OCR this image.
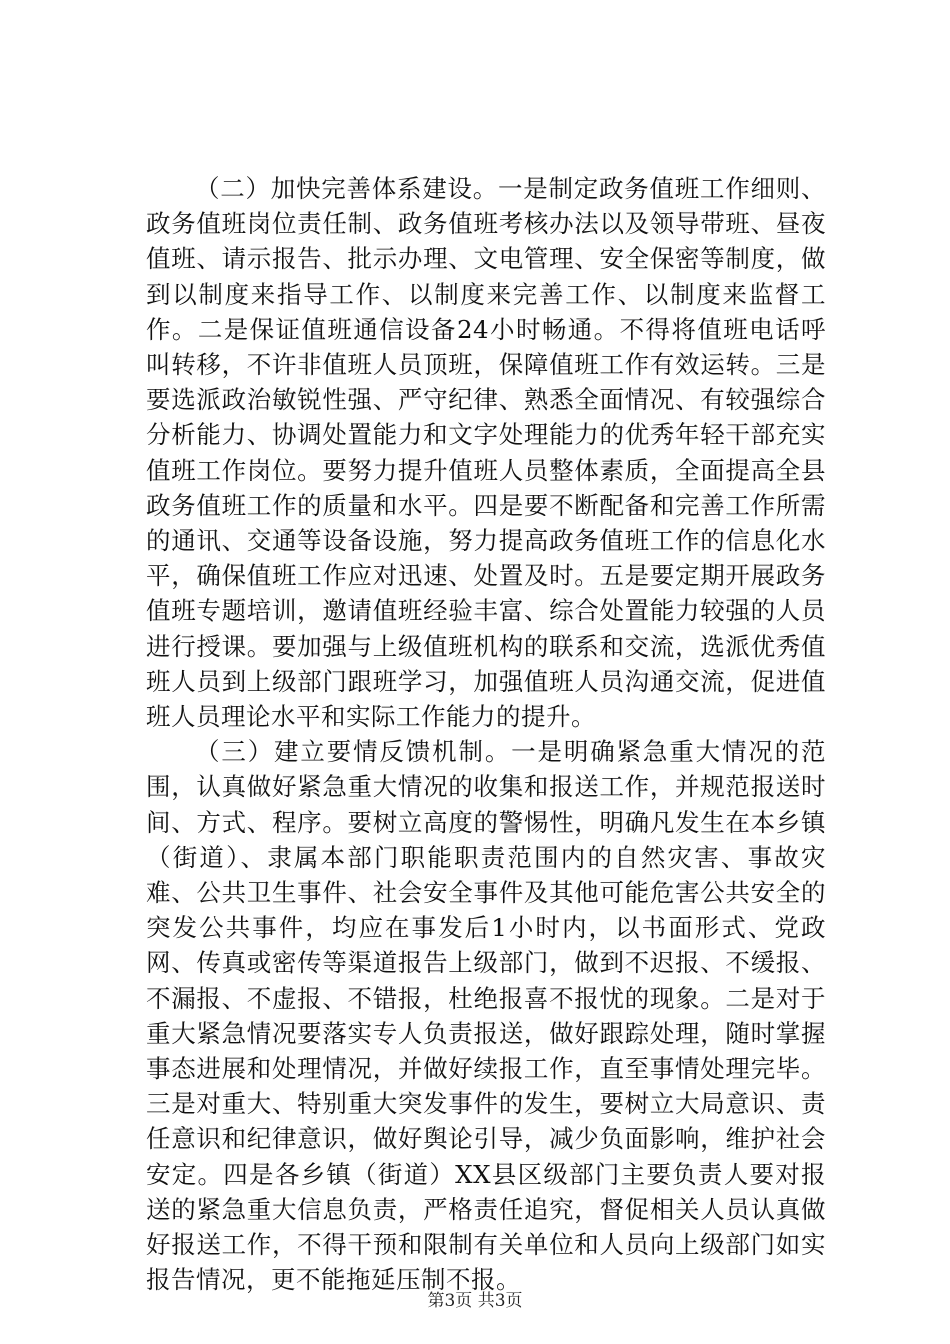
（二）加快完善体系建设。一是制定政务值班工作细则、政务值班岗位责任制、政务值班考核办法以及领导带班、昼夜值班、请示报告、批示办理、文电管理、安全保密等制度，做到以制度来指导工作、以制度来完善工作、以制度来监督工作。二是保证值班通信设备24小时畅通。不得将值班电话呼叫转移，不许非值班人员顶班，保障值班工作有效运转。三是要选派政治敏锐性强、严守纪律、熟悉全面情况、有较强综合分析能力、协调处置能力和文字处理能力的优秀年轻干部充实值班工作岗位。要努力提升值班人员整体素质，全面提高全县政务值班工作的质量和水平。四是要不断配备和完善工作所需的通讯、交通等设备设施，努力提高政务值班工作的信息化水平，确保值班工作应对迅速、处置及时。五是要定期开展政务值班专题培训，邀请值班经验丰富、综合处置能力较强的人员进行授课。要加强与上级值班机构的联系和交流，选派优秀值班人员到上级部门跟班学习，加强值班人员沟通交流，促进值班人员理论水平和实际工作能力的提升。

（三）建立要情反馈机制。一是明确紧急重大情况的范围，认真做好紧急重大情况的收集和报送工作，并规范报送时间、方式、程序。要树立高度的警惕性，明确凡发生在本乡镇（街道）、隶属本部门职能职责范围内的自然灾害、事故灾难、公共卫生事件、社会安全事件及其他可能危害公共安全的突发公共事件，均应在事发后1小时内，以书面形式、党政网、传真或密传等渠道报告上级部门，做到不迟报、不缓报、不漏报、不虚报、不错报，杜绝报喜不报忧的现象。二是对于重大紧急情况要落实专人负责报送，做好跟踪处理，随时掌握事态进展和处理情况，并做好续报工作，直至事情处理完毕。三是对重大、特别重大突发事件的发生，要树立大局意识、责任意识和纪律意识，做好舆论引导，减少负面影响，维护社会安定。四是各乡镇（街道）XX县区级部门主要负责人要对报送的紧急重大信息负责，严格责任追究，督促相关人员认真做好报送工作，不得干预和限制有关单位和人员向上级部门如实报告情况，更不能拖延压制不报。

第3页 共3页
